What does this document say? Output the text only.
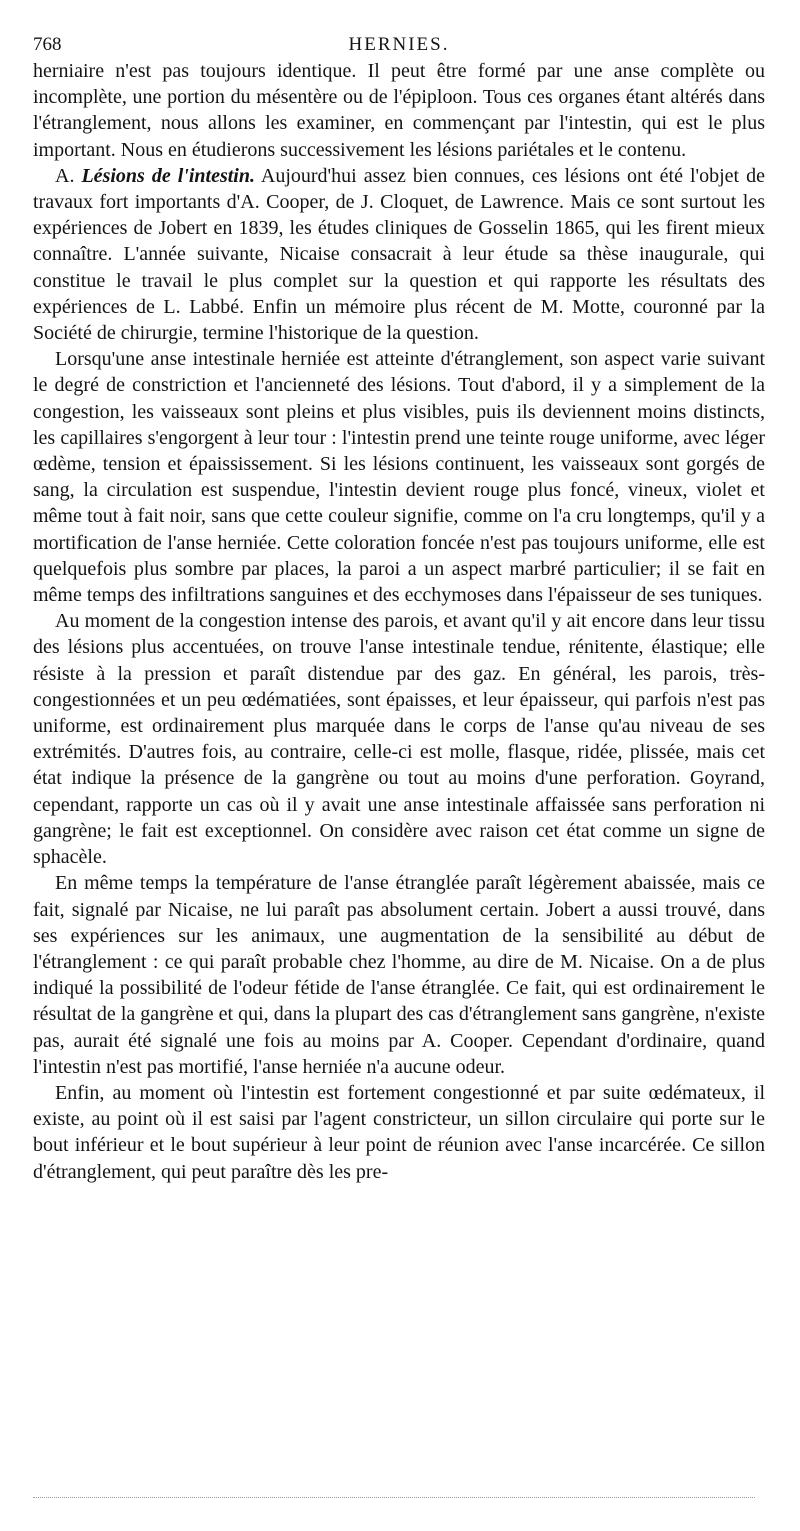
768	HERNIES.

herniaire n'est pas toujours identique. Il peut être formé par une anse complète ou incomplète, une portion du mésentère ou de l'épiploon. Tous ces organes étant altérés dans l'étranglement, nous allons les examiner, en commençant par l'intestin, qui est le plus important. Nous en étudierons successivement les lésions pariétales et le contenu.

A. Lésions de l'intestin. Aujourd'hui assez bien connues, ces lésions ont été l'objet de travaux fort importants d'A. Cooper, de J. Cloquet, de Lawrence. Mais ce sont surtout les expériences de Jobert en 1839, les études cliniques de Gosselin 1865, qui les firent mieux connaître. L'année suivante, Nicaise consacrait à leur étude sa thèse inaugurale, qui constitue le travail le plus complet sur la question et qui rapporte les résultats des expériences de L. Labbé. Enfin un mémoire plus récent de M. Motte, couronné par la Société de chirurgie, termine l'historique de la question.

Lorsqu'une anse intestinale herniée est atteinte d'étranglement, son aspect varie suivant le degré de constriction et l'ancienneté des lésions. Tout d'abord, il y a simplement de la congestion, les vaisseaux sont pleins et plus visibles, puis ils deviennent moins distincts, les capillaires s'engorgent à leur tour : l'intestin prend une teinte rouge uniforme, avec léger œdème, tension et épaississement. Si les lésions continuent, les vaisseaux sont gorgés de sang, la circulation est suspendue, l'intestin devient rouge plus foncé, vineux, violet et même tout à fait noir, sans que cette couleur signifie, comme on l'a cru longtemps, qu'il y a mortification de l'anse herniée. Cette coloration foncée n'est pas toujours uniforme, elle est quelquefois plus sombre par places, la paroi a un aspect marbré particulier; il se fait en même temps des infiltrations sanguines et des ecchymoses dans l'épaisseur de ses tuniques.

Au moment de la congestion intense des parois, et avant qu'il y ait encore dans leur tissu des lésions plus accentuées, on trouve l'anse intestinale tendue, rénitente, élastique; elle résiste à la pression et paraît distendue par des gaz. En général, les parois, très-congestionnées et un peu œdématiées, sont épaisses, et leur épaisseur, qui parfois n'est pas uniforme, est ordinairement plus marquée dans le corps de l'anse qu'au niveau de ses extrémités. D'autres fois, au contraire, celle-ci est molle, flasque, ridée, plissée, mais cet état indique la présence de la gangrène ou tout au moins d'une perforation. Goyrand, cependant, rapporte un cas où il y avait une anse intestinale affaissée sans perforation ni gangrène; le fait est exceptionnel. On considère avec raison cet état comme un signe de sphacèle.

En même temps la température de l'anse étranglée paraît légèrement abaissée, mais ce fait, signalé par Nicaise, ne lui paraît pas absolument certain. Jobert a aussi trouvé, dans ses expériences sur les animaux, une augmentation de la sensibilité au début de l'étranglement : ce qui paraît probable chez l'homme, au dire de M. Nicaise. On a de plus indiqué la possibilité de l'odeur fétide de l'anse étranglée. Ce fait, qui est ordinairement le résultat de la gangrène et qui, dans la plupart des cas d'étranglement sans gangrène, n'existe pas, aurait été signalé une fois au moins par A. Cooper. Cependant d'ordinaire, quand l'intestin n'est pas mortifié, l'anse herniée n'a aucune odeur.

Enfin, au moment où l'intestin est fortement congestionné et par suite œdémateux, il existe, au point où il est saisi par l'agent constricteur, un sillon circulaire qui porte sur le bout inférieur et le bout supérieur à leur point de réunion avec l'anse incarcérée. Ce sillon d'étranglement, qui peut paraître dès les pre-
